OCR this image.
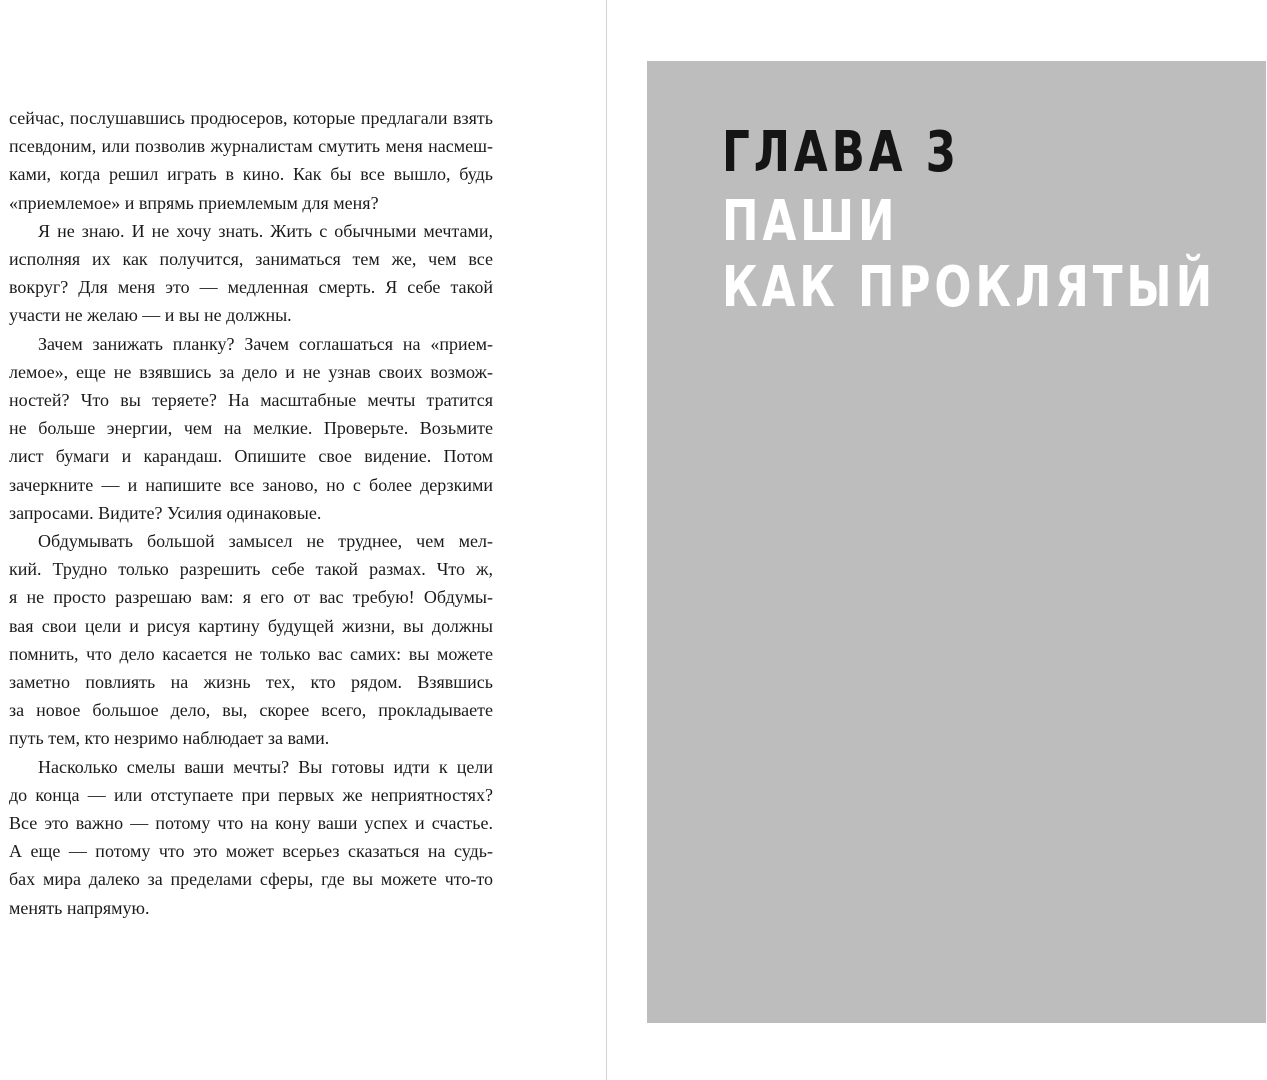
сейчас, послушавшись продюсеров, которые предлагали взять
псевдоним, или позволив журналистам смутить меня насмеш-
ками, когда решил играть в кино. Как бы все вышло, будь
«приемлемое» и впрямь приемлемым для меня?

Я не знаю. И не хочу знать. Жить с обычными мечтами,
исполняя их как получится, заниматься тем же, чем все
вокруг? Для меня это — медленная смерть. Я себе такой
участи не желаю — и вы не должны.

Зачем занижать планку? Зачем соглашаться на «прием-
лемое», еще не взявшись за дело и не узнав своих возмож-
ностей? Что вы теряете? На масштабные мечты тратится
не больше энергии, чем на мелкие. Проверьте. Возьмите
лист бумаги и карандаш. Опишите свое видение. Потом
зачеркните — и напишите все заново, но с более дерзкими
запросами. Видите? Усилия одинаковые.

Обдумывать большой замысел не труднее, чем мел-
кий. Трудно только разрешить себе такой размах. Что ж,
я не просто разрешаю вам: я его от вас требую! Обдумы-
вая свои цели и рисуя картину будущей жизни, вы должны
помнить, что дело касается не только вас самих: вы можете
заметно повлиять на жизнь тех, кто рядом. Взявшись
за новое большое дело, вы, скорее всего, прокладываете
путь тем, кто незримо наблюдает за вами.

Насколько смелы ваши мечты? Вы готовы идти к цели
до конца — или отступаете при первых же неприятностях?
Все это важно — потому что на кону ваши успех и счастье.
А еще — потому что это может всерьез сказаться на судь-
бах мира далеко за пределами сферы, где вы можете что-то
менять напрямую.

ГЛАВА 3
ПАШИ
КАК ПРОКЛЯТЫЙ
